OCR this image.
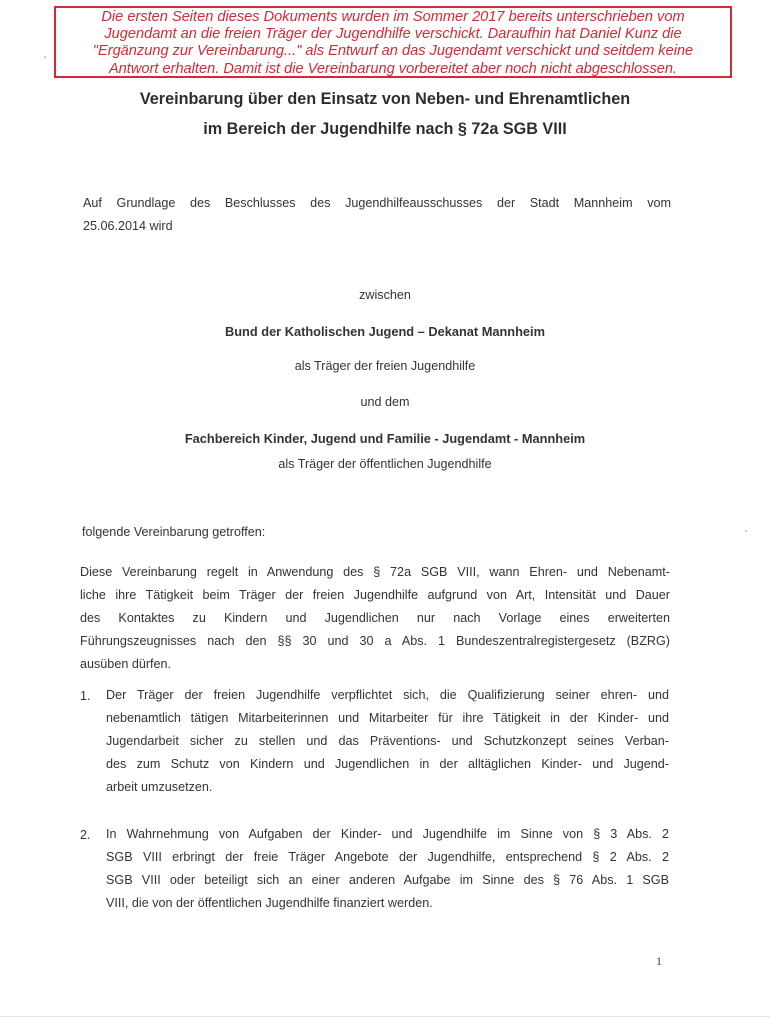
Die ersten Seiten dieses Dokuments wurden im Sommer 2017 bereits unterschrieben vom
Jugendamt an die freien Träger der Jugendhilfe verschickt. Daraufhin hat Daniel Kunz die
"Ergänzung zur Vereinbarung..." als Entwurf an das Jugendamt verschickt und seitdem keine
Antwort erhalten. Damit ist die Vereinbarung vorbereitet aber noch nicht abgeschlossen.
Vereinbarung über den Einsatz von Neben- und Ehrenamtlichen
im Bereich der Jugendhilfe nach § 72a SGB VIII
Auf Grundlage des Beschlusses des Jugendhilfeausschusses der Stadt Mannheim vom
25.06.2014 wird
zwischen
Bund der Katholischen Jugend – Dekanat Mannheim
als Träger der freien Jugendhilfe
und dem
Fachbereich Kinder, Jugend und Familie - Jugendamt - Mannheim
als Träger der öffentlichen Jugendhilfe
folgende Vereinbarung getroffen:
Diese Vereinbarung regelt in Anwendung des § 72a SGB VIII, wann Ehren- und Nebenamt-
liche ihre Tätigkeit beim Träger der freien Jugendhilfe aufgrund von Art, Intensität und Dauer
des Kontaktes zu Kindern und Jugendlichen nur nach Vorlage eines erweiterten
Führungszeugnisses nach den §§ 30 und 30 a Abs. 1 Bundeszentralregistergesetz (BZRG)
ausüben dürfen.
1. Der Träger der freien Jugendhilfe verpflichtet sich, die Qualifizierung seiner ehren- und
nebenamtlich tätigen Mitarbeiterinnen und Mitarbeiter für ihre Tätigkeit in der Kinder- und
Jugendarbeit sicher zu stellen und das Präventions- und Schutzkonzept seines Verban-
des zum Schutz von Kindern und Jugendlichen in der alltäglichen Kinder- und Jugend-
arbeit umzusetzen.
2. In Wahrnehmung von Aufgaben der Kinder- und Jugendhilfe im Sinne von § 3 Abs. 2
SGB VIII erbringt der freie Träger Angebote der Jugendhilfe, entsprechend § 2 Abs. 2
SGB VIII oder beteiligt sich an einer anderen Aufgabe im Sinne des § 76 Abs. 1 SGB
VIII, die von der öffentlichen Jugendhilfe finanziert werden.
1
